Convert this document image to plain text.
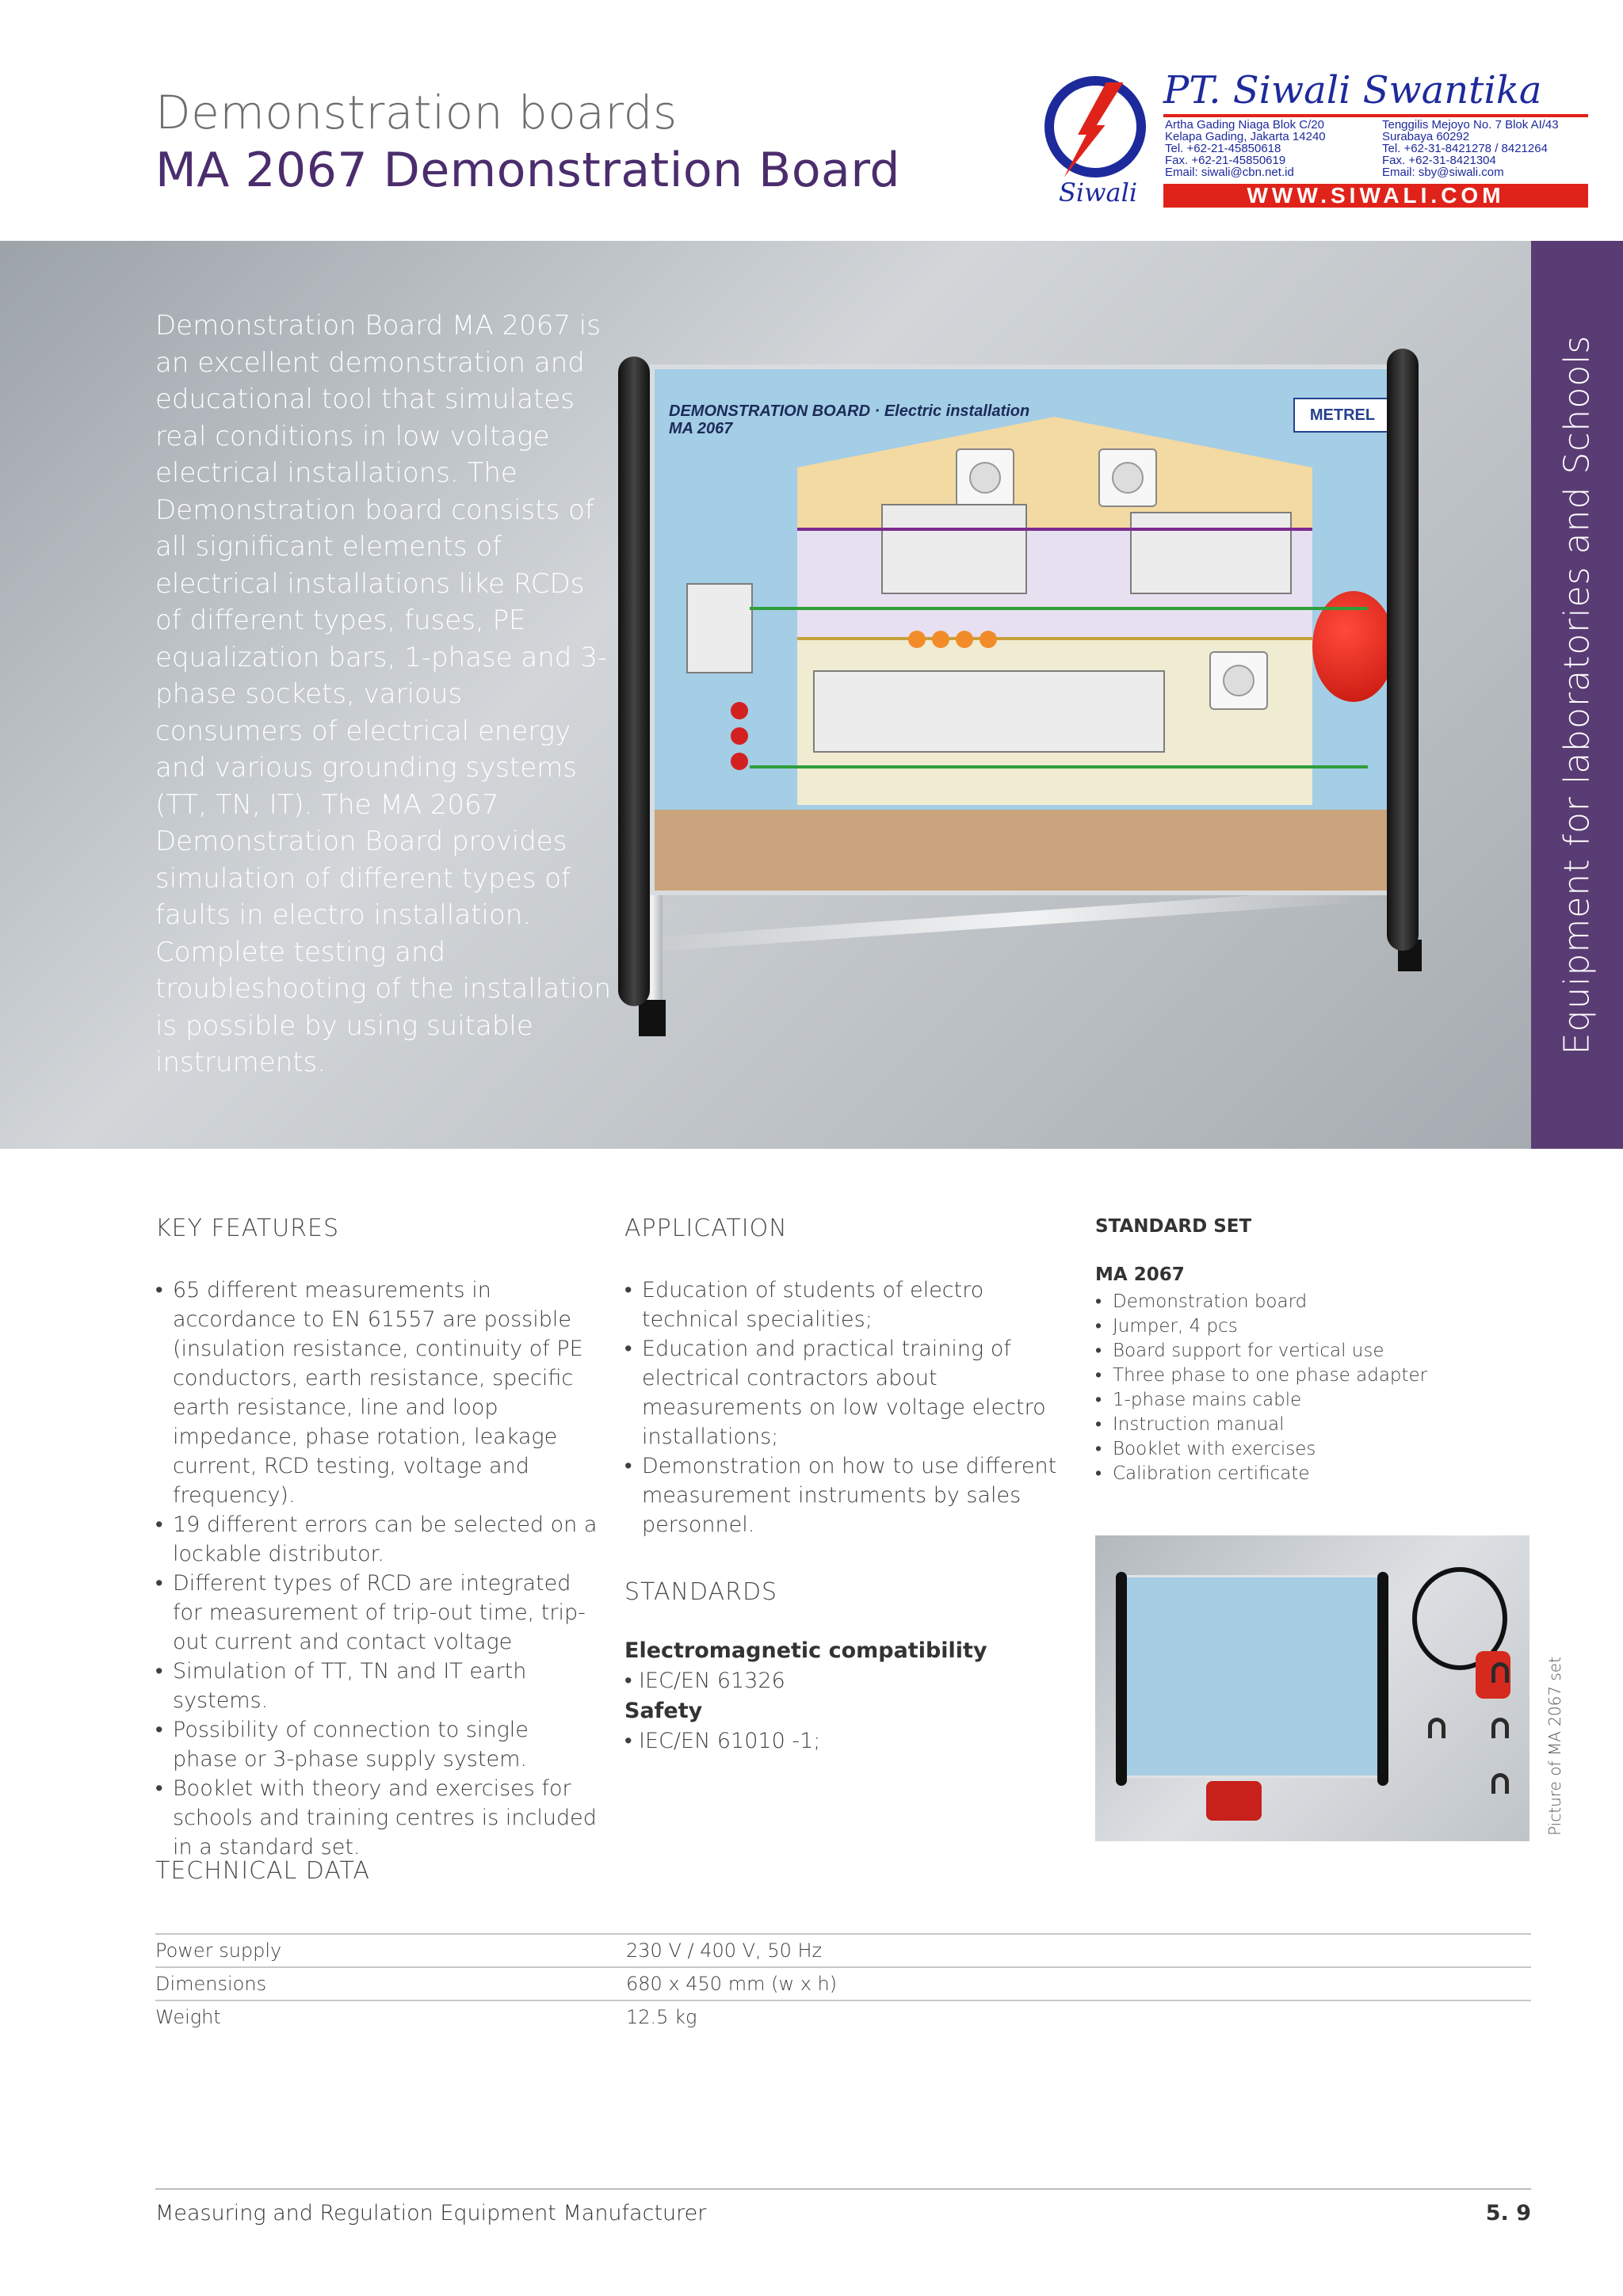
Demonstration boards
MA 2067 Demonstration Board	Siwali
PT. Siwali Swantika
Artha Gading Niaga Blok C/20
Kelapa Gading, Jakarta 14240
Tel. +62-21-45850618
Fax. +62-21-45850619
Email: siwali@cbn.net.id
Tenggilis Mejoyo No. 7 Blok AI/43
Surabaya 60292
Tel. +62-31-8421278 / 8421264
Fax. +62-31-8421304
Email: sby@siwali.com
WWW.SIWALI.COM
Demonstration Board MA 2067 is an excellent demonstration and educational tool that simulates real conditions in low voltage electrical installations. The Demonstration board consists of all significant elements of electrical installations like RCDs of different types, fuses, PE equalization bars, 1-phase and 3-phase sockets, various consumers of electrical energy and various grounding systems (TT, TN, IT). The MA 2067 Demonstration Board provides simulation of different types of faults in electro installation. Complete testing and troubleshooting of the installation is possible by using suitable instruments.
DEMONSTRATION BOARD · Electric installation
MA 2067
METREL	Equipment for laboratories and Schools
KEY FEATURES
• 65 different measurements in accordance to EN 61557 are possible (insulation resistance, continuity of PE conductors, earth resistance, specific earth resistance, line and loop impedance, phase rotation, leakage current, RCD testing, voltage and frequency).
• 19 different errors can be selected on a lockable distributor.
• Different types of RCD are integrated for measurement of trip-out time, trip- out current and contact voltage
• Simulation of TT, TN and IT earth systems.
• Possibility of connection to single phase or 3-phase supply system.
• Booklet with theory and exercises for schools and training centres is included in a standard set.
APPLICATION
• Education of students of electro technical specialities;
• Education and practical training of electrical contractors about measurements on low voltage electro installations;
• Demonstration on how to use different measurement instruments by sales personnel.
STANDARDS
Electromagnetic compatibility
• IEC/EN 61326
Safety
• IEC/EN 61010 -1;
STANDARD SET
MA 2067
• Demonstration board
• Jumper, 4 pcs
• Board support for vertical use
• Three phase to one phase adapter
• 1-phase mains cable
• Instruction manual
• Booklet with exercises
• Calibration certificate
Picture of MA 2067 set
TECHNICAL DATA
Power supply	230 V / 400 V, 50 Hz
Dimensions	680 x 450 mm (w x h)
Weight	12.5 kg
Measuring and Regulation Equipment Manufacturer	5. 9
